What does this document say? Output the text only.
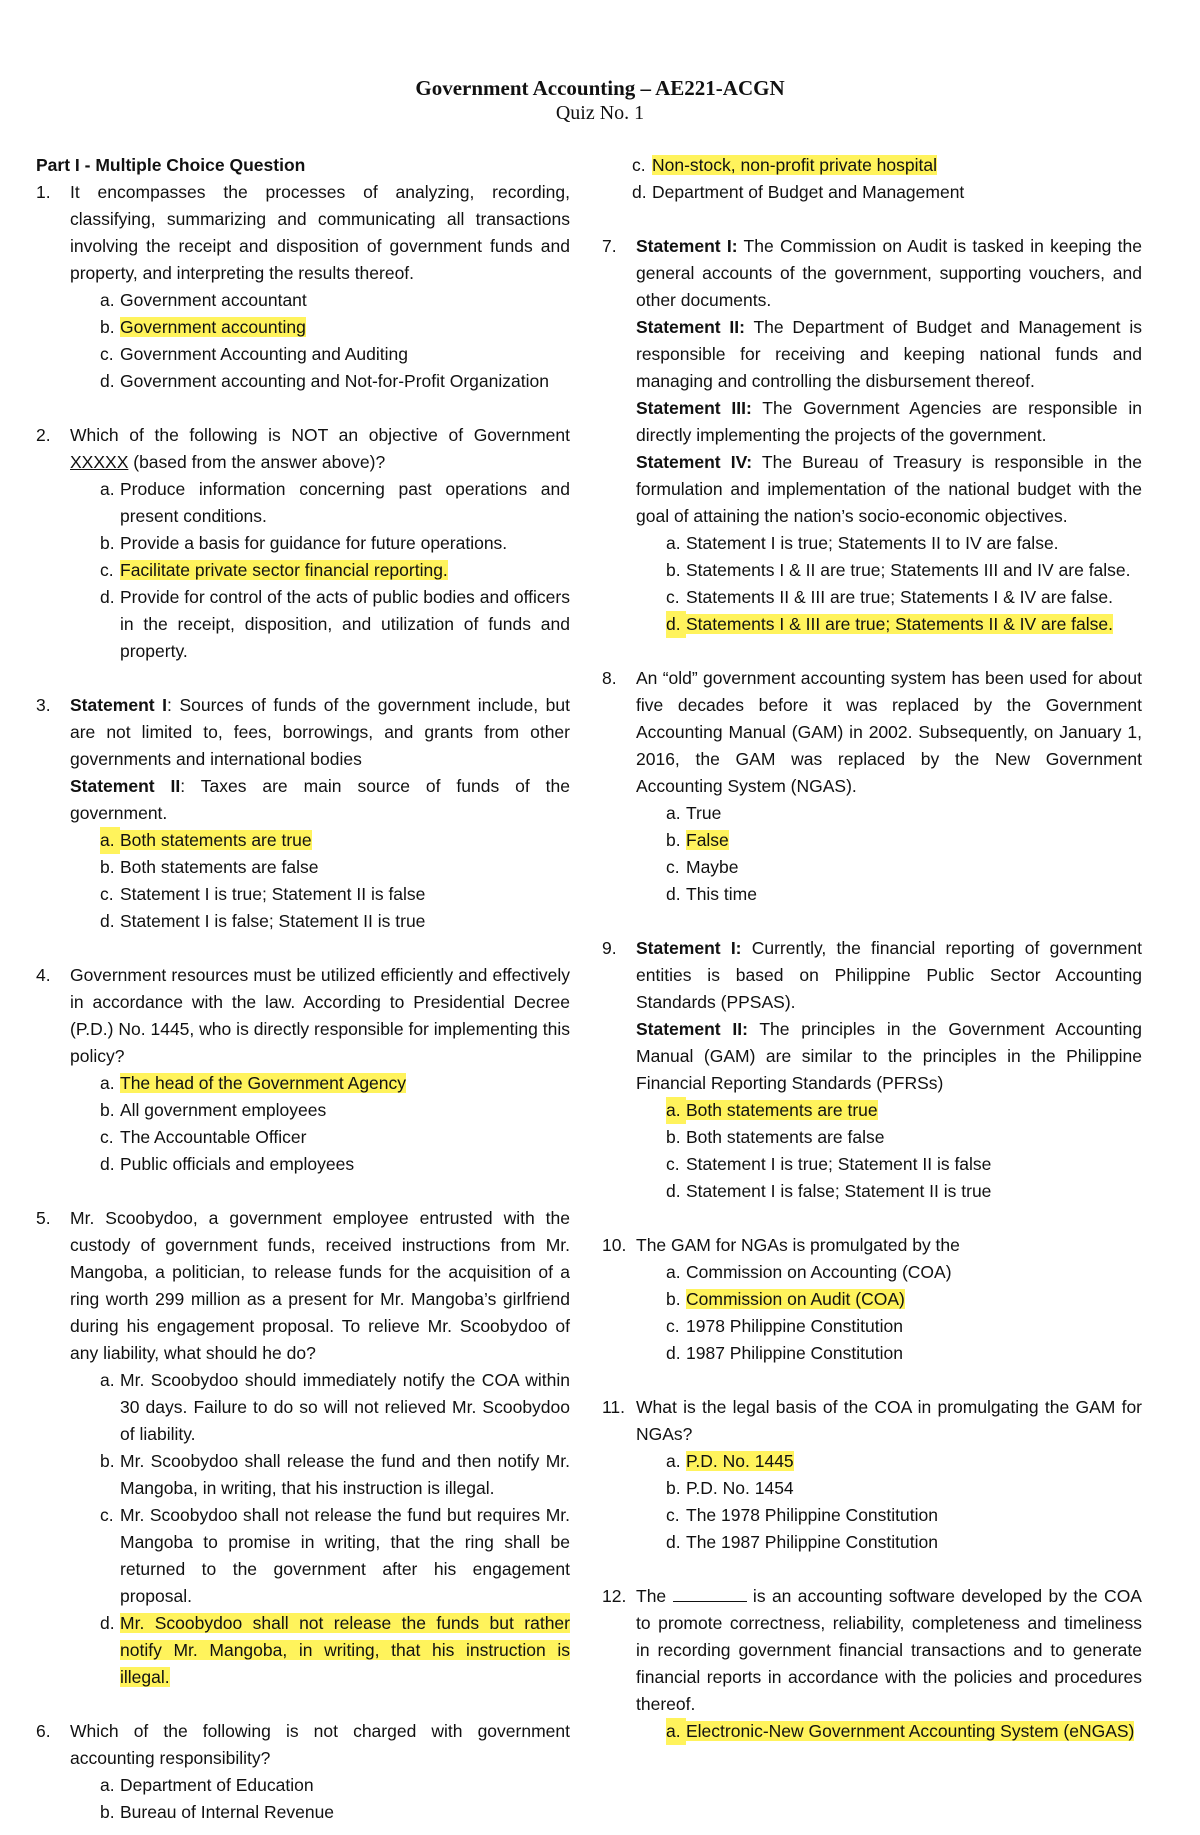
Government Accounting – AE221-ACGN
Quiz No. 1

Part I - Multiple Choice Question

1.	It encompasses the processes of analyzing, recording, classifying, summarizing and communicating all transactions involving the receipt and disposition of government funds and property, and interpreting the results thereof.
a. Government accountant
b. Government accounting
c. Government Accounting and Auditing
d. Government accounting and Not-for-Profit Organization
2.	Which of the following is NOT an objective of Government XXXXX (based from the answer above)?
a. Produce information concerning past operations and present conditions.
b. Provide a basis for guidance for future operations.
c. Facilitate private sector financial reporting.
d. Provide for control of the acts of public bodies and officers in the receipt, disposition, and utilization of funds and property.
3.	Statement I: Sources of funds of the government include, but are not limited to, fees, borrowings, and grants from other governments and international bodies
Statement II: Taxes are main source of funds of the government.
a. Both statements are true
b. Both statements are false
c. Statement I is true; Statement II is false
d. Statement I is false; Statement II is true
4.	Government resources must be utilized efficiently and effectively in accordance with the law. According to Presidential Decree (P.D.) No. 1445, who is directly responsible for implementing this policy?
a. The head of the Government Agency
b. All government employees
c. The Accountable Officer
d. Public officials and employees
5.	Mr. Scoobydoo, a government employee entrusted with the custody of government funds, received instructions from Mr. Mangoba, a politician, to release funds for the acquisition of a ring worth 299 million as a present for Mr. Mangoba’s girlfriend during his engagement proposal. To relieve Mr. Scoobydoo of any liability, what should he do?
a. Mr. Scoobydoo should immediately notify the COA within 30 days. Failure to do so will not relieved Mr. Scoobydoo of liability.
b. Mr. Scoobydoo shall release the fund and then notify Mr. Mangoba, in writing, that his instruction is illegal.
c. Mr. Scoobydoo shall not release the fund but requires Mr. Mangoba to promise in writing, that the ring shall be returned to the government after his engagement proposal.
d. Mr. Scoobydoo shall not release the funds but rather notify Mr. Mangoba, in writing, that his instruction is illegal.
6.	Which of the following is not charged with government accounting responsibility?
a. Department of Education
b. Bureau of Internal Revenue
c. Non-stock, non-profit private hospital
d. Department of Budget and Management
7.	Statement I: The Commission on Audit is tasked in keeping the general accounts of the government, supporting vouchers, and other documents.
Statement II: The Department of Budget and Management is responsible for receiving and keeping national funds and managing and controlling the disbursement thereof.
Statement III: The Government Agencies are responsible in directly implementing the projects of the government.
Statement IV: The Bureau of Treasury is responsible in the formulation and implementation of the national budget with the goal of attaining the nation’s socio-economic objectives.
a. Statement I is true; Statements II to IV are false.
b. Statements I & II are true; Statements III and IV are false.
c. Statements II & III are true; Statements I & IV are false.
d. Statements I & III are true; Statements II & IV are false.
8.	An “old” government accounting system has been used for about five decades before it was replaced by the Government Accounting Manual (GAM) in 2002. Subsequently, on January 1, 2016, the GAM was replaced by the New Government Accounting System (NGAS).
a. True
b. False
c. Maybe
d. This time
9.	Statement I: Currently, the financial reporting of government entities is based on Philippine Public Sector Accounting Standards (PPSAS).
Statement II: The principles in the Government Accounting Manual (GAM) are similar to the principles in the Philippine Financial Reporting Standards (PFRSs)
a. Both statements are true
b. Both statements are false
c. Statement I is true; Statement II is false
d. Statement I is false; Statement II is true
10. The GAM for NGAs is promulgated by the
a. Commission on Accounting (COA)
b. Commission on Audit (COA)
c. 1978 Philippine Constitution
d. 1987 Philippine Constitution
11. What is the legal basis of the COA in promulgating the GAM for NGAs?
a. P.D. No. 1445
b. P.D. No. 1454
c. The 1978 Philippine Constitution
d. The 1987 Philippine Constitution
12. The	is an accounting software developed by the COA to promote correctness, reliability, completeness and timeliness in recording government financial transactions and to generate financial reports in accordance with the policies and procedures thereof.
a. Electronic-New Government Accounting System (eNGAS)
